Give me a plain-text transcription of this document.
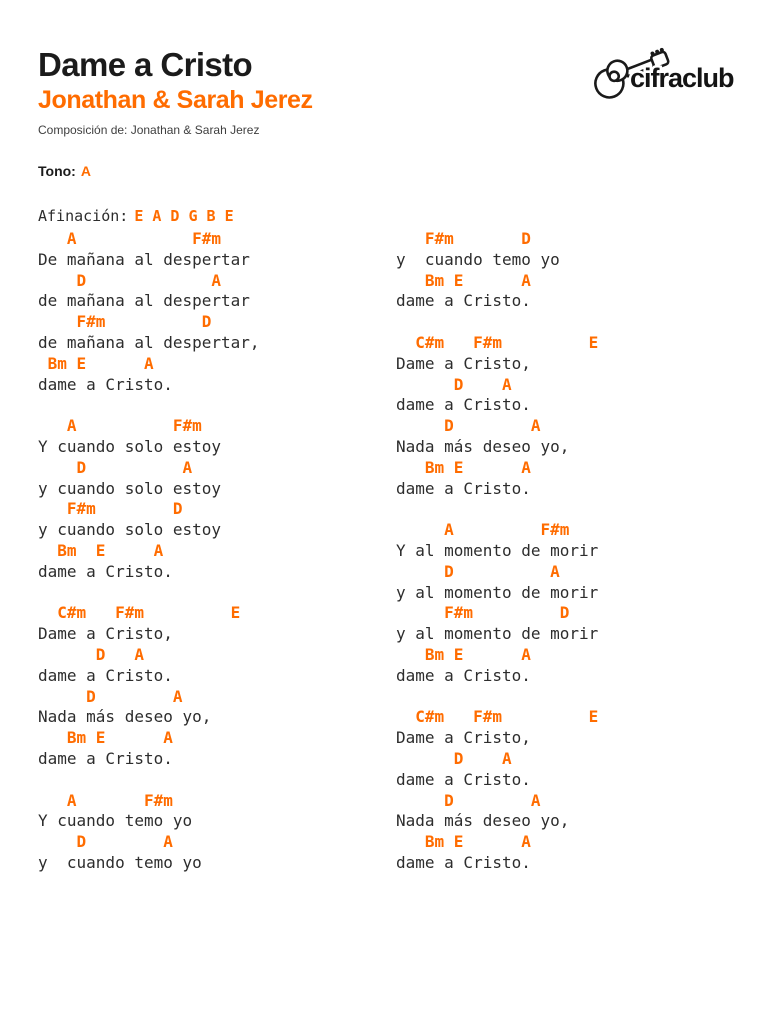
Dame a Cristo
Jonathan & Sarah Jerez

Composición de: Jonathan & Sarah Jerez

Tono: A

Afinación: E A D G B E

cifraclub
A            F#m
De mañana al despertar
D             A
de mañana al despertar
F#m          D
de mañana al despertar,
Bm E      A
dame a Cristo.
A          F#m
Y cuando solo estoy
D          A
y cuando solo estoy
F#m        D
y cuando solo estoy
Bm  E     A
dame a Cristo.
C#m   F#m         E
Dame a Cristo,
D   A
dame a Cristo.
D        A
Nada más deseo yo,
Bm E      A
dame a Cristo.
A       F#m
Y cuando temo yo
D        A
y  cuando temo yo
F#m       D
y  cuando temo yo
Bm E      A
dame a Cristo.
C#m   F#m         E
Dame a Cristo,
D    A
dame a Cristo.
D        A
Nada más deseo yo,
Bm E      A
dame a Cristo.
A         F#m
Y al momento de morir
D          A
y al momento de morir
F#m         D
y al momento de morir
Bm E      A
dame a Cristo.
C#m   F#m         E
Dame a Cristo,
D    A
dame a Cristo.
D        A
Nada más deseo yo,
Bm E      A
dame a Cristo.
